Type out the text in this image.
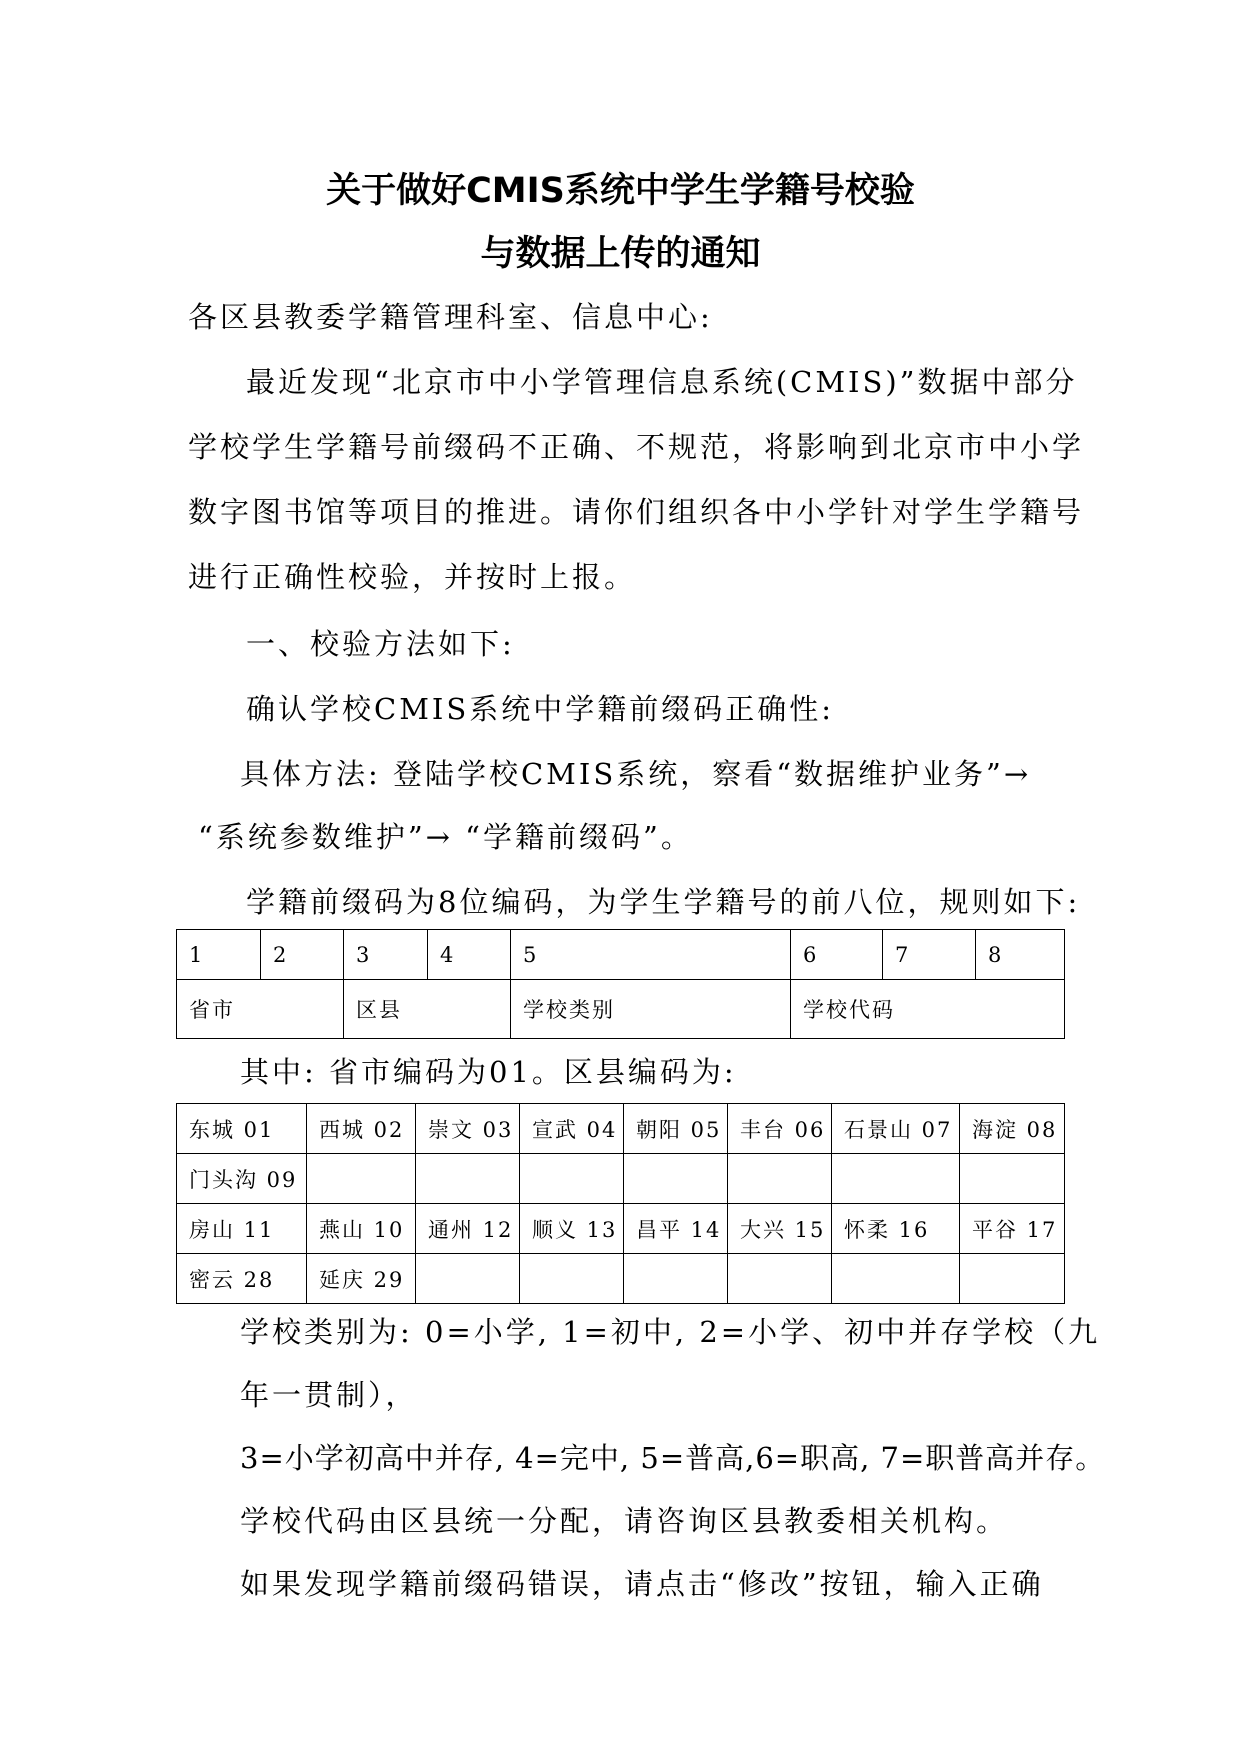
关于做好CMIS系统中学生学籍号校验
与数据上传的通知
各区县教委学籍管理科室、信息中心:
最近发现“北京市中小学管理信息系统(CMIS)”数据中部分
学校学生学籍号前缀码不正确、不规范，将影响到北京市中小学
数字图书馆等项目的推进。请你们组织各中小学针对学生学籍号
进行正确性校验，并按时上报。
一、校验方法如下:
确认学校CMIS系统中学籍前缀码正确性:
具体方法: 登陆学校CMIS系统，察看“数据维护业务”→
“系统参数维护”→ “学籍前缀码”。
学籍前缀码为8位编码，为学生学籍号的前八位，规则如下:
1	2	3	4	5	6	7	8
省市		区县		学校类别	学校代码		
其中: 省市编码为01。区县编码为:
东城 01	西城 02	崇文 03	宣武 04	朝阳 05	丰台 06	石景山 07	海淀 08
门头沟 09							
房山 11	燕山 10	通州 12	顺义 13	昌平 14	大兴 15	怀柔 16	平谷 17
密云 28	延庆 29						
学校类别为: 0=小学, 1=初中, 2=小学、初中并存学校（九
年一贯制），
3=小学初高中并存, 4=完中, 5=普高,6=职高, 7=职普高并存。
学校代码由区县统一分配，请咨询区县教委相关机构。
如果发现学籍前缀码错误，请点击“修改”按钮，输入正确
